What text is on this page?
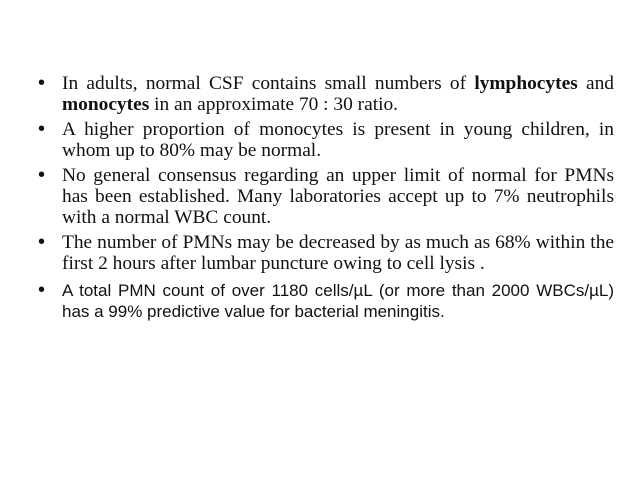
• In adults, normal CSF contains small numbers of lymphocytes and monocytes in an approximate 70 : 30 ratio.
• A higher proportion of monocytes is present in young children, in whom up to 80% may be normal.
• No general consensus regarding an upper limit of normal for PMNs has been established. Many laboratories accept up to 7% neutrophils with a normal WBC count.
• The number of PMNs may be decreased by as much as 68% within the first 2 hours after lumbar puncture owing to cell lysis .
• A total PMN count of over 1180 cells/µL (or more than 2000 WBCs/µL) has a 99% predictive value for bacterial meningitis.
